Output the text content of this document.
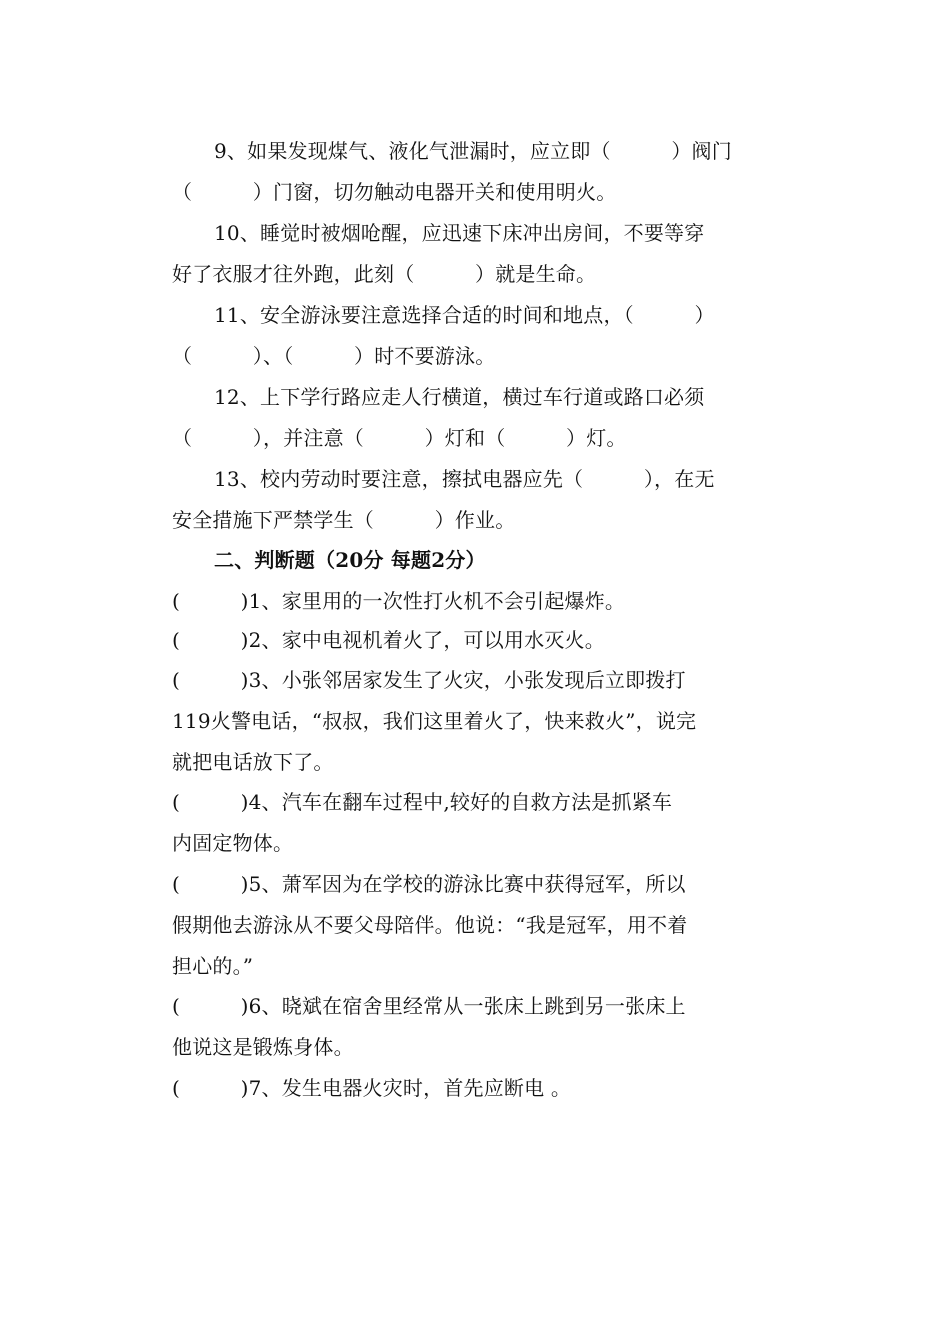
9、如果发现煤气、液化气泄漏时，应立即（　　　）阀门
（　　　）门窗，切勿触动电器开关和使用明火。
10、睡觉时被烟呛醒，应迅速下床冲出房间，不要等穿
好了衣服才往外跑，此刻（　　　）就是生命。
11、安全游泳要注意选择合适的时间和地点，（　　　）
（　　　）、（　　　）时不要游泳。
12、上下学行路应走人行横道，横过车行道或路口必须
（　　　），并注意（　　　）灯和（　　　）灯。
13、校内劳动时要注意，擦拭电器应先（　　　），在无
安全措施下严禁学生（　　　）作业。
二、判断题（20分 每题2分）
(　　　)1、家里用的一次性打火机不会引起爆炸。
(　　　)2、家中电视机着火了，可以用水灭火。
(　　　)3、小张邻居家发生了火灾，小张发现后立即拨打
119火警电话，“叔叔，我们这里着火了，快来救火”，说完
就把电话放下了。
(　　　)4、汽车在翻车过程中,较好的自救方法是抓紧车
内固定物体。
(　　　)5、萧军因为在学校的游泳比赛中获得冠军，所以
假期他去游泳从不要父母陪伴。他说：“我是冠军，用不着
担心的。”
(　　　)6、晓斌在宿舍里经常从一张床上跳到另一张床上
他说这是锻炼身体。
(　　　)7、发生电器火灾时，首先应断电 。
